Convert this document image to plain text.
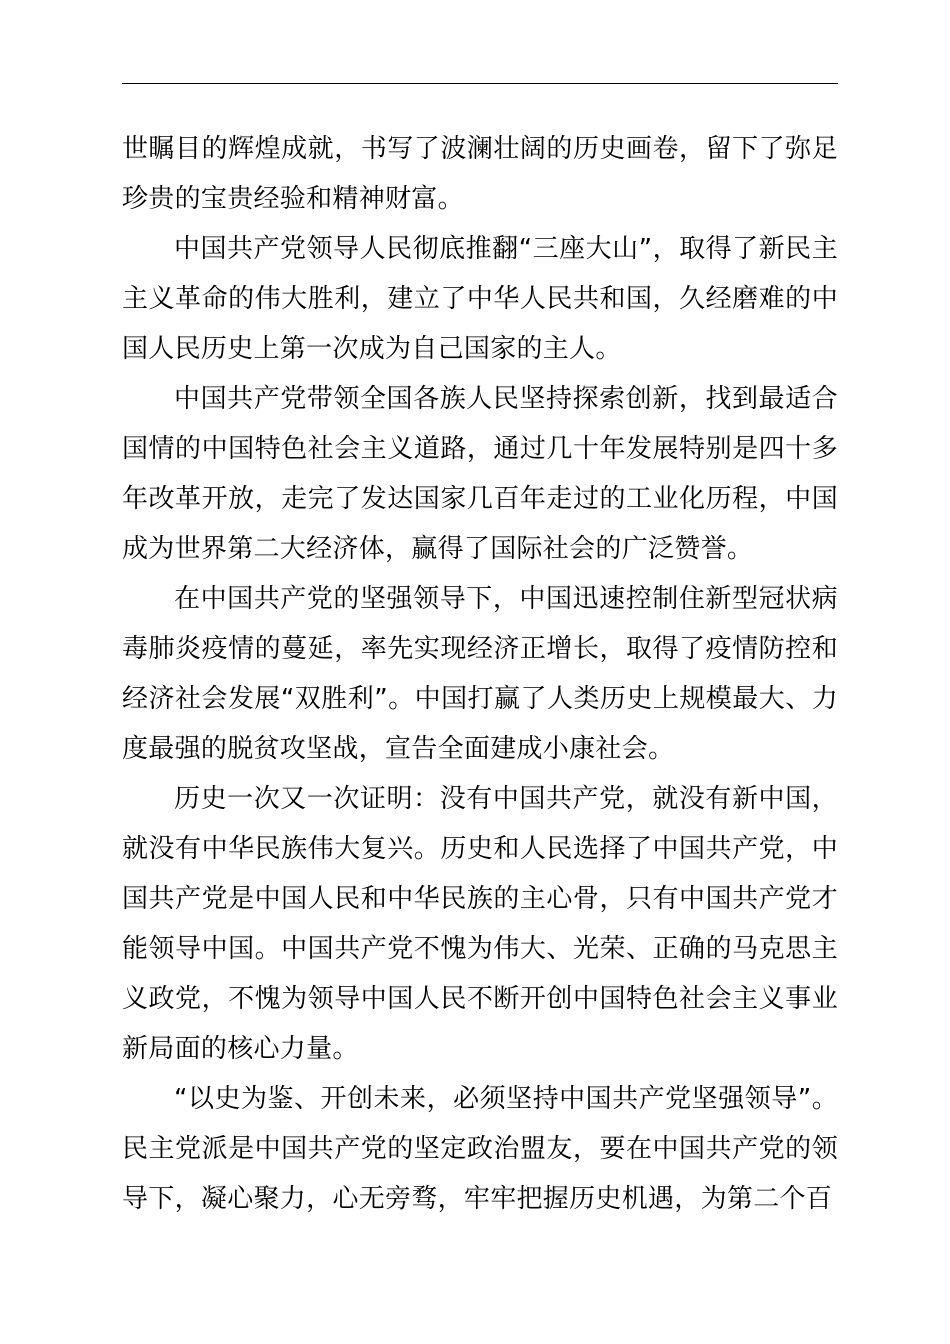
世瞩目的辉煌成就，书写了波澜壮阔的历史画卷，留下了弥足珍贵的宝贵经验和精神财富。

中国共产党领导人民彻底推翻“三座大山”，取得了新民主主义革命的伟大胜利，建立了中华人民共和国，久经磨难的中国人民历史上第一次成为自己国家的主人。

中国共产党带领全国各族人民坚持探索创新，找到最适合国情的中国特色社会主义道路，通过几十年发展特别是四十多年改革开放，走完了发达国家几百年走过的工业化历程，中国成为世界第二大经济体，赢得了国际社会的广泛赞誉。

在中国共产党的坚强领导下，中国迅速控制住新型冠状病毒肺炎疫情的蔓延，率先实现经济正增长，取得了疫情防控和经济社会发展“双胜利”。中国打赢了人类历史上规模最大、力度最强的脱贫攻坚战，宣告全面建成小康社会。

历史一次又一次证明：没有中国共产党，就没有新中国，就没有中华民族伟大复兴。历史和人民选择了中国共产党，中国共产党是中国人民和中华民族的主心骨，只有中国共产党才能领导中国。中国共产党不愧为伟大、光荣、正确的马克思主义政党，不愧为领导中国人民不断开创中国特色社会主义事业新局面的核心力量。

“以史为鉴、开创未来，必须坚持中国共产党坚强领导”。民主党派是中国共产党的坚定政治盟友，要在中国共产党的领导下，凝心聚力，心无旁骛，牢牢把握历史机遇，为第二个百
